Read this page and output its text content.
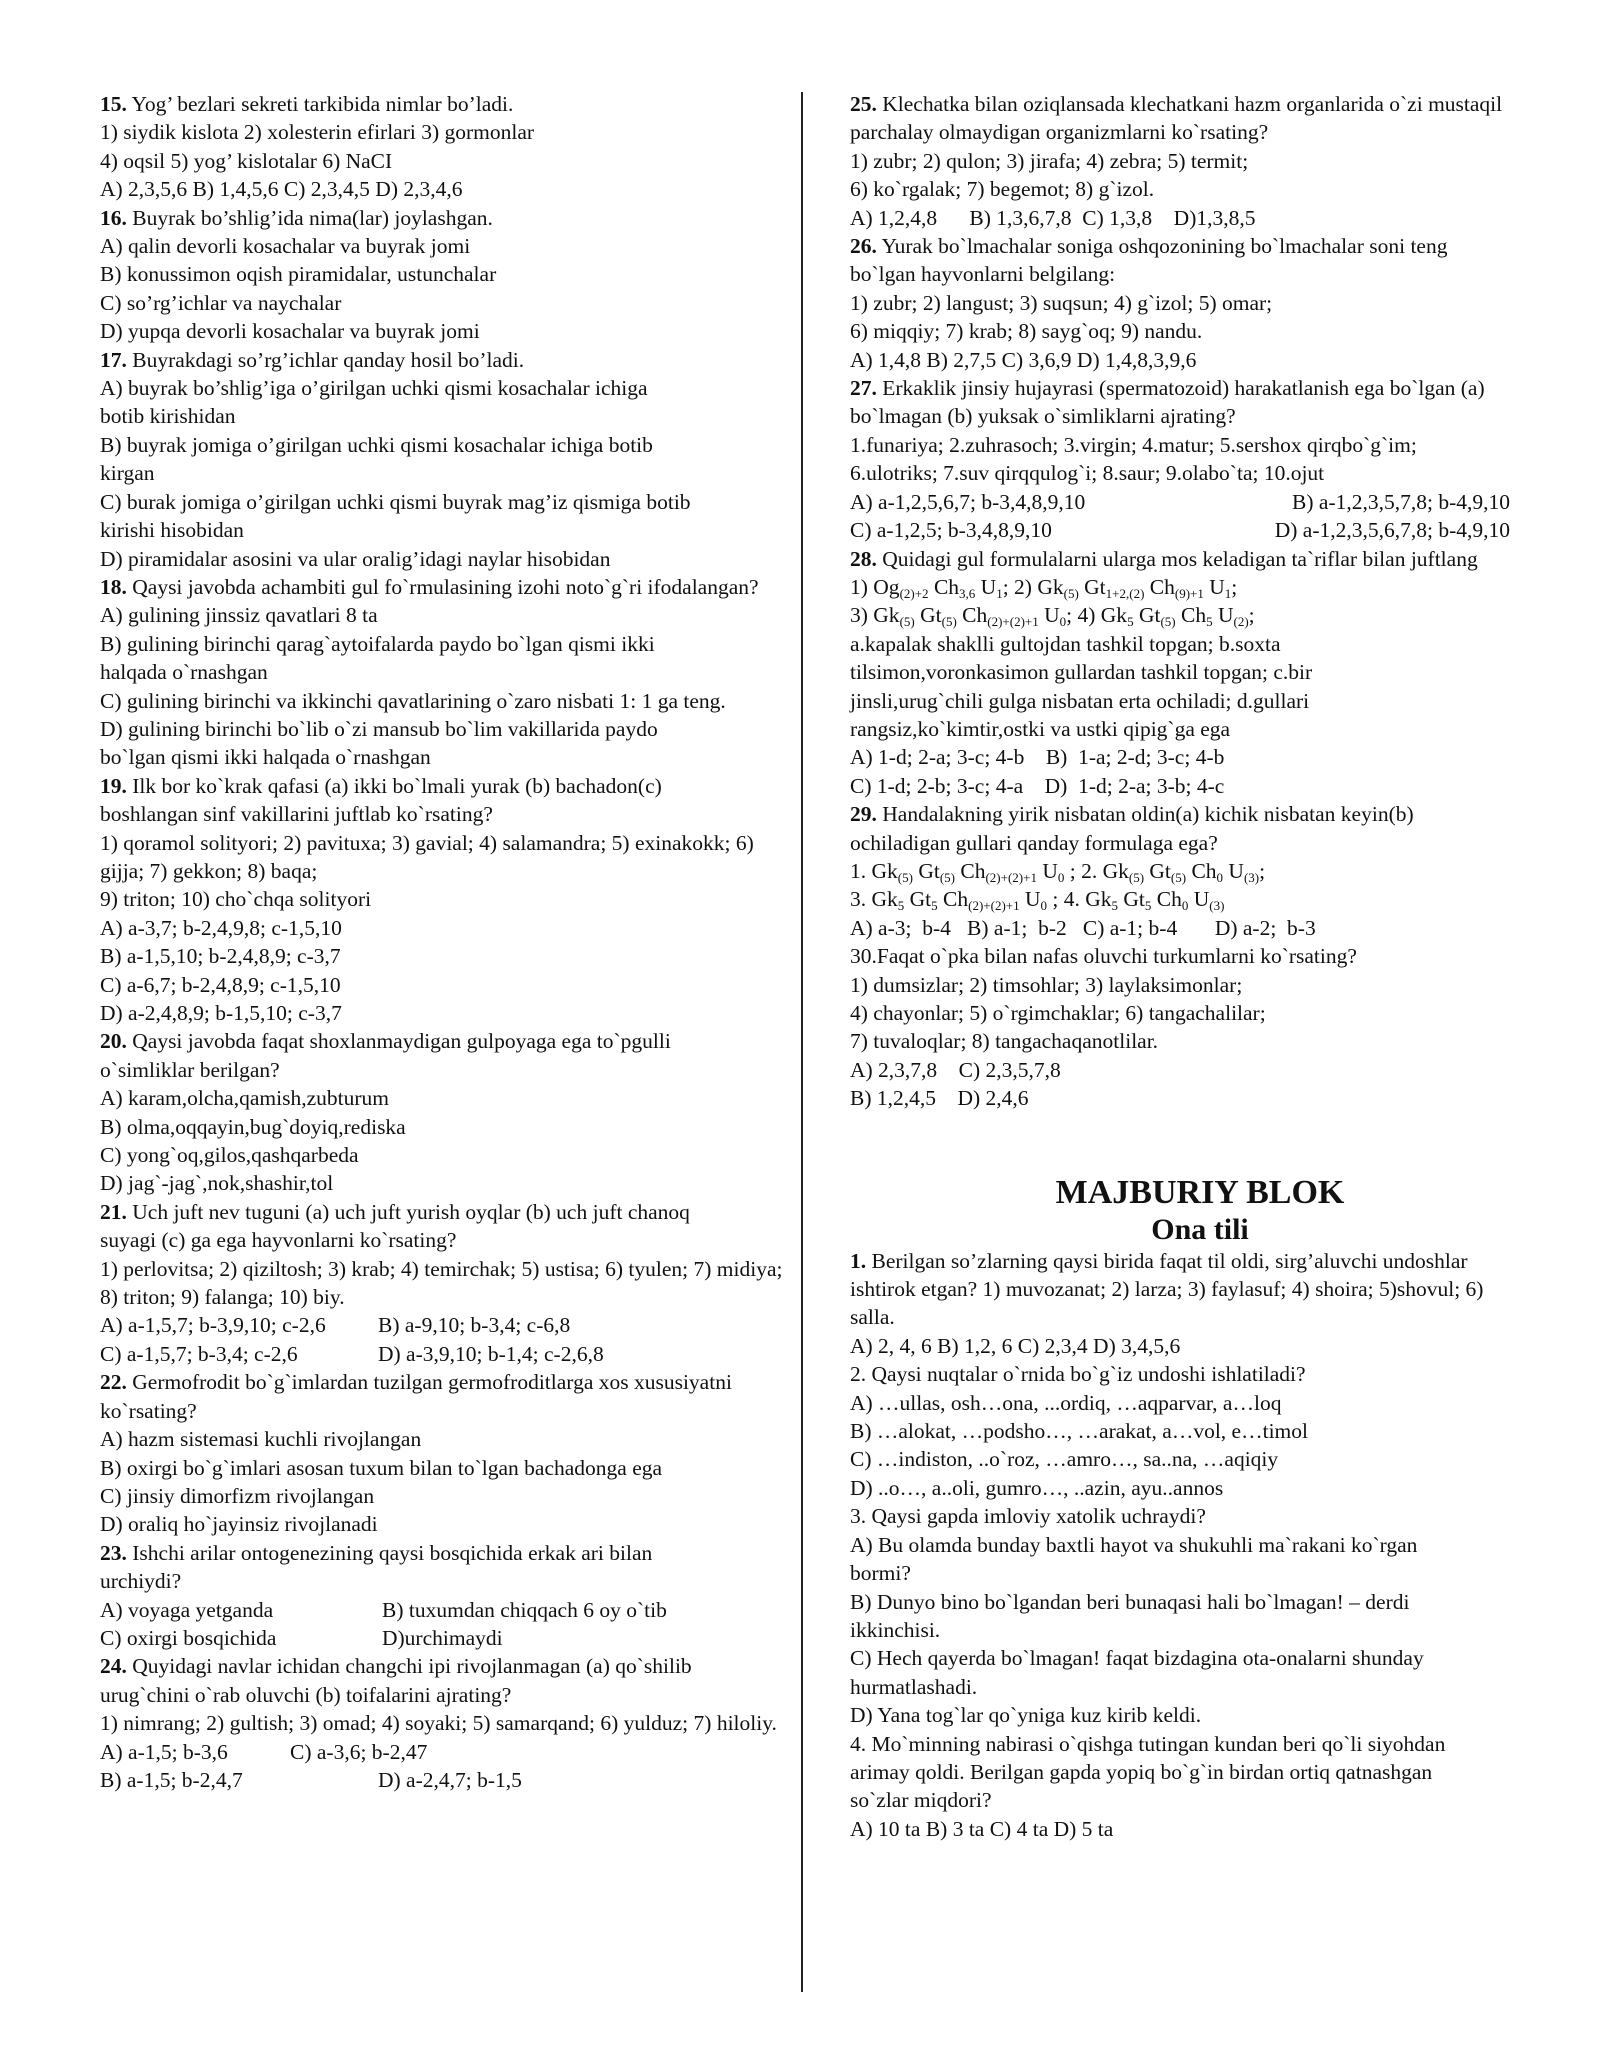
15. Yog’ bezlari sekreti tarkibida nimlar bo’ladi.
1) siydik kislota 2) xolesterin efirlari 3) gormonlar
4) oqsil 5) yog’ kislotalar 6) NaCI
A) 2,3,5,6 B) 1,4,5,6 C) 2,3,4,5 D) 2,3,4,6
16. Buyrak bo’shlig’ida nima(lar) joylashgan.
A) qalin devorli kosachalar va buyrak jomi
B) konussimon oqish piramidalar, ustunchalar
C) so’rg’ichlar va naychalar
D) yupqa devorli kosachalar va buyrak jomi
17. Buyrakdagi so’rg’ichlar qanday hosil bo’ladi.
A) buyrak bo’shlig’iga o’girilgan uchki qismi kosachalar ichiga botib kirishidan
B) buyrak jomiga o’girilgan uchki qismi kosachalar ichiga botib kirgan
C) burak jomiga o’girilgan uchki qismi buyrak mag’iz qismiga botib kirishi hisobidan
D) piramidalar asosini va ular oralig’idagi naylar hisobidan
18. Qaysi javobda achambiti gul fo`rmulasining izohi noto`g`ri ifodalangan?
A) gulining jinssiz qavatlari 8 ta
B) gulining birinchi qarag`aytoifalarda paydo bo`lgan qismi ikki halqada o`rnashgan
C) gulining birinchi va ikkinchi qavatlarining o`zaro nisbati 1: 1 ga teng.
D) gulining birinchi bo`lib o`zi mansub bo`lim vakillarida paydo bo`lgan qismi ikki halqada o`rnashgan
19. Ilk bor ko`krak qafasi (a) ikki bo`lmali yurak (b) bachadon(c) boshlangan sinf vakillarini juftlab ko`rsating?
1) qoramol solityori; 2) pavituxa; 3) gavial; 4) salamandra; 5) exinakokk; 6) gijja; 7) gekkon; 8) baqa;
9) triton; 10) cho`chqa solityori
A) a-3,7; b-2,4,9,8; c-1,5,10
B) a-1,5,10; b-2,4,8,9; c-3,7
C) a-6,7; b-2,4,8,9; c-1,5,10
D) a-2,4,8,9; b-1,5,10; c-3,7
20. Qaysi javobda faqat shoxlanmaydigan gulpoyaga ega to`pgulli o`simliklar berilgan?
A) karam,olcha,qamish,zubturum
B) olma,oqqayin,bug`doyiq,rediska
C) yong`oq,gilos,qashqarbeda
D) jag`-jag`,nok,shashir,tol
21. Uch juft nev tuguni (a) uch juft yurish oyqlar (b) uch juft chanoq suyagi (c) ga ega hayvonlarni ko`rsating?
1) perlovitsa; 2) qiziltosh; 3) krab; 4) temirchak; 5) ustisa; 6) tyulen; 7) midiya; 8) triton; 9) falanga; 10) biy.
A) a-1,5,7; b-3,9,10; c-2,6	B) a-9,10; b-3,4; c-6,8
C) a-1,5,7; b-3,4; c-2,6	D) a-3,9,10; b-1,4; c-2,6,8
22. Germofrodit bo`g`imlardan tuzilgan germofroditlarga xos xususiyatni ko`rsating?
A) hazm sistemasi kuchli rivojlangan
B) oxirgi bo`g`imlari asosan tuxum bilan to`lgan bachadonga ega
C) jinsiy dimorfizm rivojlangan
D) oraliq ho`jayinsiz rivojlanadi
23. Ishchi arilar ontogenezining qaysi bosqichida erkak ari bilan urchiydi?
A) voyaga yetganda	B) tuxumdan chiqqach 6 oy o`tib
C) oxirgi bosqichida	D)urchimaydi
24. Quyidagi navlar ichidan changchi ipi rivojlanmagan (a) qo`shilib urug`chini o`rab oluvchi (b) toifalarini ajrating?
1) nimrang; 2) gultish; 3) omad; 4) soyaki; 5) samarqand; 6) yulduz; 7) hiloliy.
A) a-1,5; b-3,6	C) a-3,6; b-2,47
B) a-1,5; b-2,4,7	D) a-2,4,7; b-1,5
25. Klechatka bilan oziqlansada klechatkani hazm organlarida o`zi mustaqil parchalay olmaydigan organizmlarni ko`rsating?
1) zubr; 2) qulon; 3) jirafa; 4) zebra; 5) termit;
6) ko`rgalak; 7) begemot; 8) g`izol.
A) 1,2,4,8      B) 1,3,6,7,8  C) 1,3,8    D)1,3,8,5
26. Yurak bo`lmachalar soniga oshqozonining bo`lmachalar soni teng bo`lgan hayvonlarni belgilang:
1) zubr; 2) langust; 3) suqsun; 4) g`izol; 5) omar;
6) miqqiy; 7) krab; 8) sayg`oq; 9) nandu.
A) 1,4,8 B) 2,7,5 C) 3,6,9 D) 1,4,8,3,9,6
27. Erkaklik jinsiy hujayrasi (spermatozoid) harakatlanish ega bo`lgan (a) bo`lmagan (b) yuksak o`simliklarni ajrating?
1.funariya; 2.zuhrasoch; 3.virgin; 4.matur; 5.sershox qirqbo`g`im; 6.ulotriks; 7.suv qirqqulog`i; 8.saur; 9.olabo`ta; 10.ojut
A) a-1,2,5,6,7; b-3,4,8,9,10	B) a-1,2,3,5,7,8; b-4,9,10
C) a-1,2,5; b-3,4,8,9,10	D) a-1,2,3,5,6,7,8; b-4,9,10
28. Quidagi gul formulalarni ularga mos keladigan ta`riflar bilan juftlang
1) $Og_{(2)+2}$ $Ch_{3,6}$ $U_1$; 2) $Gk_{(5)}$ $Gt_{1+2,(2)}$ $Ch_{(9)+1}$ $U_1$;
3) $Gk_{(5)}$ $Gt_{(5)}$ $Ch_{(2)+(2)+1}$ $U_0$; 4) $Gk_5$ $Gt_{(5)}$ $Ch_5$ $U_{(2)}$;
a.kapalak shaklli gultojdan tashkil topgan; b.soxta tilsimon,voronkasimon gullardan tashkil topgan; c.bir jinsli,urug`chili gulga nisbatan erta ochiladi; d.gullari rangsiz,ko`kimtir,ostki va ustki qipig`ga ega
A) 1-d; 2-a; 3-c; 4-b    B)  1-a; 2-d; 3-c; 4-b
C) 1-d; 2-b; 3-c; 4-a    D)  1-d; 2-a; 3-b; 4-c
29. Handalakning yirik nisbatan oldin(a) kichik nisbatan keyin(b) ochiladigan gullari qanday formulaga ega?
1. $Gk_{(5)}$ $Gt_{(5)}$ $Ch_{(2)+(2)+1}$ $U_0$ ; 2. $Gk_{(5)}$ $Gt_{(5)}$ $Ch_0$ $U_{(3)}$;
3. $Gk_5$ $Gt_5$ $Ch_{(2)+(2)+1}$ $U_0$ ; 4. $Gk_5$ $Gt_5$ $Ch_0$ $U_{(3)}$
A) a-3;  b-4   B) a-1;  b-2   C) a-1; b-4       D) a-2;  b-3
30.Faqat o`pka bilan nafas oluvchi turkumlarni ko`rsating?
1) dumsizlar; 2) timsohlar; 3) laylaksimonlar;
4) chayonlar; 5) o`rgimchaklar; 6) tangachalilar;
7) tuvaloqlar; 8) tangachaqanotlilar.
A) 2,3,7,8    C) 2,3,5,7,8
B) 1,2,4,5    D) 2,4,6
MAJBURIY BLOK
Ona tili
1. Berilgan so’zlarning qaysi birida faqat til oldi, sirg’aluvchi undoshlar ishtirok etgan? 1) muvozanat; 2) larza; 3) faylasuf; 4) shoira; 5)shovul; 6) salla.
A) 2, 4, 6 B) 1,2, 6 C) 2,3,4 D) 3,4,5,6
2. Qaysi nuqtalar o`rnida bo`g`iz undoshi ishlatiladi?
A) …ullas, osh…ona, ...ordiq, …aqparvar, a…loq
B) …alokat, …podsho…, …arakat, a…vol, e…timol
C) …indiston, ..o`roz, …amro…, sa..na, …aqiqiy
D) ..o…, a..oli, gumro…, ..azin, ayu..annos
3. Qaysi gapda imloviy xatolik uchraydi?
A) Bu olamda bunday baxtli hayot va shukuhli ma`rakani ko`rgan bormi?
B) Dunyo bino bo`lgandan beri bunaqasi hali bo`lmagan! – derdi ikkinchisi.
C) Hech qayerda bo`lmagan! faqat bizdagina ota-onalarni shunday hurmatlashadi.
D) Yana tog`lar qo`yniga kuz kirib keldi.
4. Mo`minning nabirasi o`qishga tutingan kundan beri qo`li siyohdan arimay qoldi. Berilgan gapda yopiq bo`g`in birdan ortiq qatnashgan so`zlar miqdori?
A) 10 ta B) 3 ta C) 4 ta D) 5 ta
